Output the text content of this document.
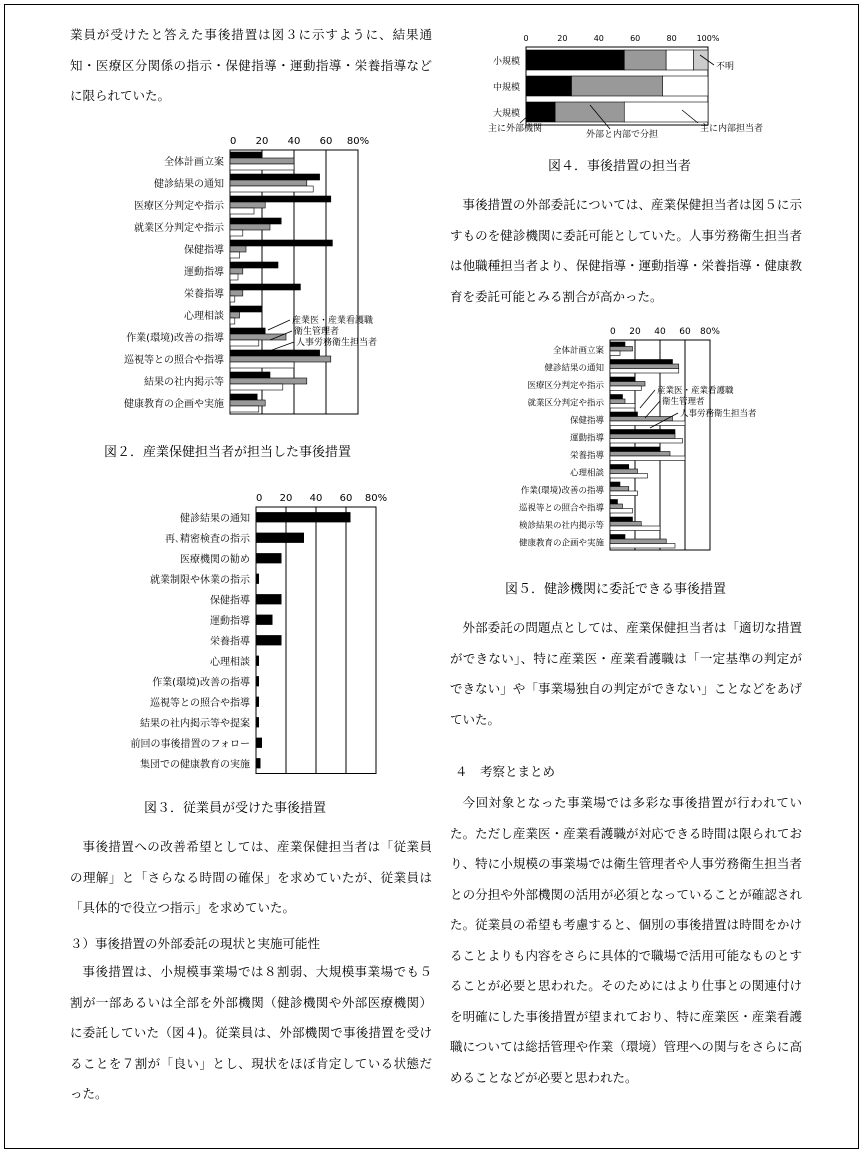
業員が受けたと答えた事後措置は図３に示すように、結果通知・医療区分関係の指示・保健指導・運動指導・栄養指導などに限られていた。

0 20 40 60 80%
全体計画立案
健診結果の通知
医療区分判定や指示
就業区分判定や指示
保健指導
運動指導
栄養指導
心理相談
作業(環境)改善の指導
巡視等との照合や指導
結果の社内掲示等
健康教育の企画や実施
産業医・産業看護職
衛生管理者
人事労務衛生担当者
図２．産業保健担当者が担当した事後措置
0 20 40 60 80%
健診結果の通知
再､精密検査の指示
医療機関の勧め
就業制限や休業の指示
保健指導
運動指導
栄養指導
心理相談
作業(環境)改善の指導
巡視等との照合や指導
結果の社内掲示等や提案
前回の事後措置のフォロー
集団での健康教育の実施
図３．従業員が受けた事後措置

事後措置への改善希望としては、産業保健担当者は「従業員の理解」と「さらなる時間の確保」を求めていたが、従業員は「具体的で役立つ指示」を求めていた。

３）事後措置の外部委託の現状と実施可能性

事後措置は、小規模事業場では８割弱、大規模事業場でも５割が一部あるいは全部を外部機関（健診機関や外部医療機関）に委託していた（図４)。従業員は、外部機関で事後措置を受けることを７割が「良い」とし、現状をほぼ肯定している状態だった。

0	20	40	60	80 100%
小規模
中規模
大規模
主に外部機関
外部と内部で分担
主に内部担当者
不明
図４．事後措置の担当者

事後措置の外部委託については、産業保健担当者は図５に示すものを健診機関に委託可能としていた。人事労務衛生担当者は他職種担当者より、保健指導・運動指導・栄養指導・健康教育を委託可能とみる割合が高かった。

0 20 40 60 80%
全体計画立案
健診結果の通知
医療区分判定や指示
就業区分判定や指示
保健指導
運動指導
栄養指導
心理相談
作業(環境)改善の指導
巡視等との照合や指導
検診結果の社内掲示等
健康教育の企画や実施
産業医・産業看護職
衛生管理者
人事労務衛生担当者
図５．健診機関に委託できる事後措置

外部委託の問題点としては、産業保健担当者は「適切な措置ができない」、特に産業医・産業看護職は「一定基準の判定ができない」や「事業場独自の判定ができない」ことなどをあげていた。

４　考察とまとめ

今回対象となった事業場では多彩な事後措置が行われていた。ただし産業医・産業看護職が対応できる時間は限られており、特に小規模の事業場では衛生管理者や人事労務衛生担当者との分担や外部機関の活用が必須となっていることが確認された。従業員の希望も考慮すると、個別の事後措置は時間をかけることよりも内容をさらに具体的で職場で活用可能なものとすることが必要と思われた。そのためにはより仕事との関連付けを明確にした事後措置が望まれており、特に産業医・産業看護職については総括管理や作業（環境）管理への関与をさらに高めることなどが必要と思われた。
